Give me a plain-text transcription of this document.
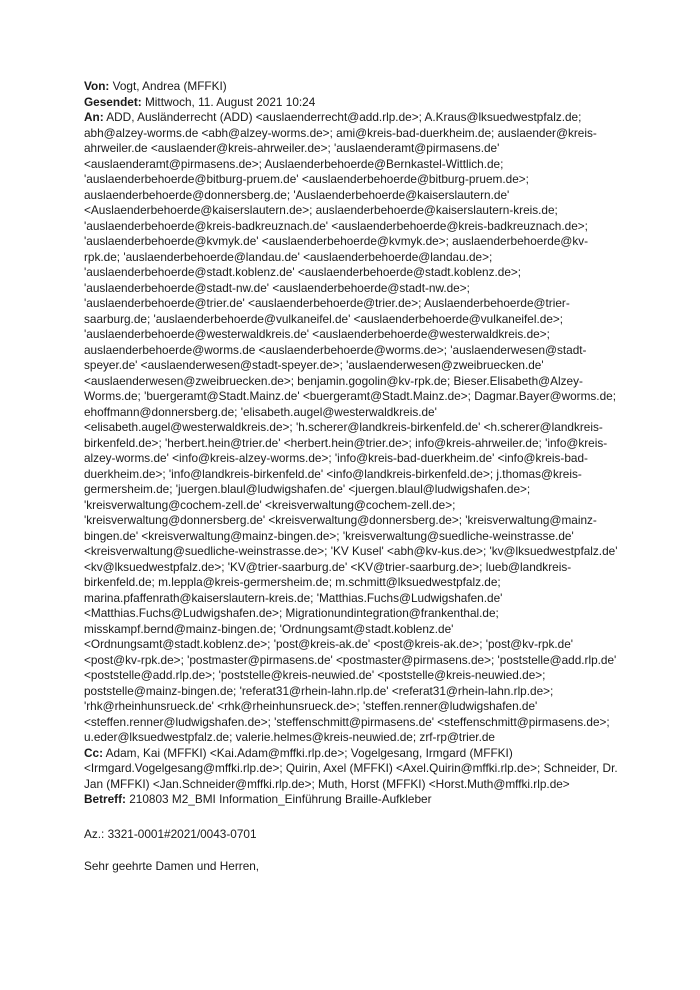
Von: Vogt, Andrea (MFFKI)

Gesendet: Mittwoch, 11. August 2021 10:24

An: ADD, Ausländerrecht (ADD) <auslaenderrecht@add.rlp.de>; A.Kraus@lksuedwestpfalz.de; abh@alzey-worms.de <abh@alzey-worms.de>; ami@kreis-bad-duerkheim.de; auslaender@kreis-ahrweiler.de <auslaender@kreis-ahrweiler.de>; 'auslaenderamt@pirmasens.de' <auslaenderamt@pirmasens.de>; Auslaenderbehoerde@Bernkastel-Wittlich.de; 'auslaenderbehoerde@bitburg-pruem.de' <auslaenderbehoerde@bitburg-pruem.de>; auslaenderbehoerde@donnersberg.de; 'Auslaenderbehoerde@kaiserslautern.de' <Auslaenderbehoerde@kaiserslautern.de>; auslaenderbehoerde@kaiserslautern-kreis.de; 'auslaenderbehoerde@kreis-badkreuznach.de' <auslaenderbehoerde@kreis-badkreuznach.de>; 'auslaenderbehoerde@kvmyk.de' <auslaenderbehoerde@kvmyk.de>; auslaenderbehoerde@kv-rpk.de; 'auslaenderbehoerde@landau.de' <auslaenderbehoerde@landau.de>; 'auslaenderbehoerde@stadt.koblenz.de' <auslaenderbehoerde@stadt.koblenz.de>; 'auslaenderbehoerde@stadt-nw.de' <auslaenderbehoerde@stadt-nw.de>; 'auslaenderbehoerde@trier.de' <auslaenderbehoerde@trier.de>; Auslaenderbehoerde@trier-saarburg.de; 'auslaenderbehoerde@vulkaneifel.de' <auslaenderbehoerde@vulkaneifel.de>; 'auslaenderbehoerde@westerwaldkreis.de' <auslaenderbehoerde@westerwaldkreis.de>; auslaenderbehoerde@worms.de <auslaenderbehoerde@worms.de>; 'auslaenderwesen@stadt-speyer.de' <auslaenderwesen@stadt-speyer.de>; 'auslaenderwesen@zweibruecken.de' <auslaenderwesen@zweibruecken.de>; benjamin.gogolin@kv-rpk.de; Bieser.Elisabeth@Alzey-Worms.de; 'buergeramt@Stadt.Mainz.de' <buergeramt@Stadt.Mainz.de>; Dagmar.Bayer@worms.de; ehoffmann@donnersberg.de; 'elisabeth.augel@westerwaldkreis.de' <elisabeth.augel@westerwaldkreis.de>; 'h.scherer@landkreis-birkenfeld.de' <h.scherer@landkreis-birkenfeld.de>; 'herbert.hein@trier.de' <herbert.hein@trier.de>; info@kreis-ahrweiler.de; 'info@kreis-alzey-worms.de' <info@kreis-alzey-worms.de>; 'info@kreis-bad-duerkheim.de' <info@kreis-bad-duerkheim.de>; 'info@landkreis-birkenfeld.de' <info@landkreis-birkenfeld.de>; j.thomas@kreis-germersheim.de; 'juergen.blaul@ludwigshafen.de' <juergen.blaul@ludwigshafen.de>; 'kreisverwaltung@cochem-zell.de' <kreisverwaltung@cochem-zell.de>; 'kreisverwaltung@donnersberg.de' <kreisverwaltung@donnersberg.de>; 'kreisverwaltung@mainz-bingen.de' <kreisverwaltung@mainz-bingen.de>; 'kreisverwaltung@suedliche-weinstrasse.de' <kreisverwaltung@suedliche-weinstrasse.de>; 'KV Kusel' <abh@kv-kus.de>; 'kv@lksuedwestpfalz.de' <kv@lksuedwestpfalz.de>; 'KV@trier-saarburg.de' <KV@trier-saarburg.de>; lueb@landkreis-birkenfeld.de; m.leppla@kreis-germersheim.de; m.schmitt@lksuedwestpfalz.de; marina.pfaffenrath@kaiserslautern-kreis.de; 'Matthias.Fuchs@Ludwigshafen.de' <Matthias.Fuchs@Ludwigshafen.de>; Migrationundintegration@frankenthal.de; misskampf.bernd@mainz-bingen.de; 'Ordnungsamt@stadt.koblenz.de' <Ordnungsamt@stadt.koblenz.de>; 'post@kreis-ak.de' <post@kreis-ak.de>; 'post@kv-rpk.de' <post@kv-rpk.de>; 'postmaster@pirmasens.de' <postmaster@pirmasens.de>; 'poststelle@add.rlp.de' <poststelle@add.rlp.de>; 'poststelle@kreis-neuwied.de' <poststelle@kreis-neuwied.de>; poststelle@mainz-bingen.de; 'referat31@rhein-lahn.rlp.de' <referat31@rhein-lahn.rlp.de>; 'rhk@rheinhunsrueck.de' <rhk@rheinhunsrueck.de>; 'steffen.renner@ludwigshafen.de' <steffen.renner@ludwigshafen.de>; 'steffenschmitt@pirmasens.de' <steffenschmitt@pirmasens.de>; u.eder@lksuedwestpfalz.de; valerie.helmes@kreis-neuwied.de; zrf-rp@trier.de

Cc: Adam, Kai (MFFKI) <Kai.Adam@mffki.rlp.de>; Vogelgesang, Irmgard (MFFKI) <Irmgard.Vogelgesang@mffki.rlp.de>; Quirin, Axel (MFFKI) <Axel.Quirin@mffki.rlp.de>; Schneider, Dr. Jan (MFFKI) <Jan.Schneider@mffki.rlp.de>; Muth, Horst (MFFKI) <Horst.Muth@mffki.rlp.de>

Betreff: 210803 M2_BMI Information_Einführung Braille-Aufkleber

Az.: 3321-0001#2021/0043-0701

Sehr geehrte Damen und Herren,
